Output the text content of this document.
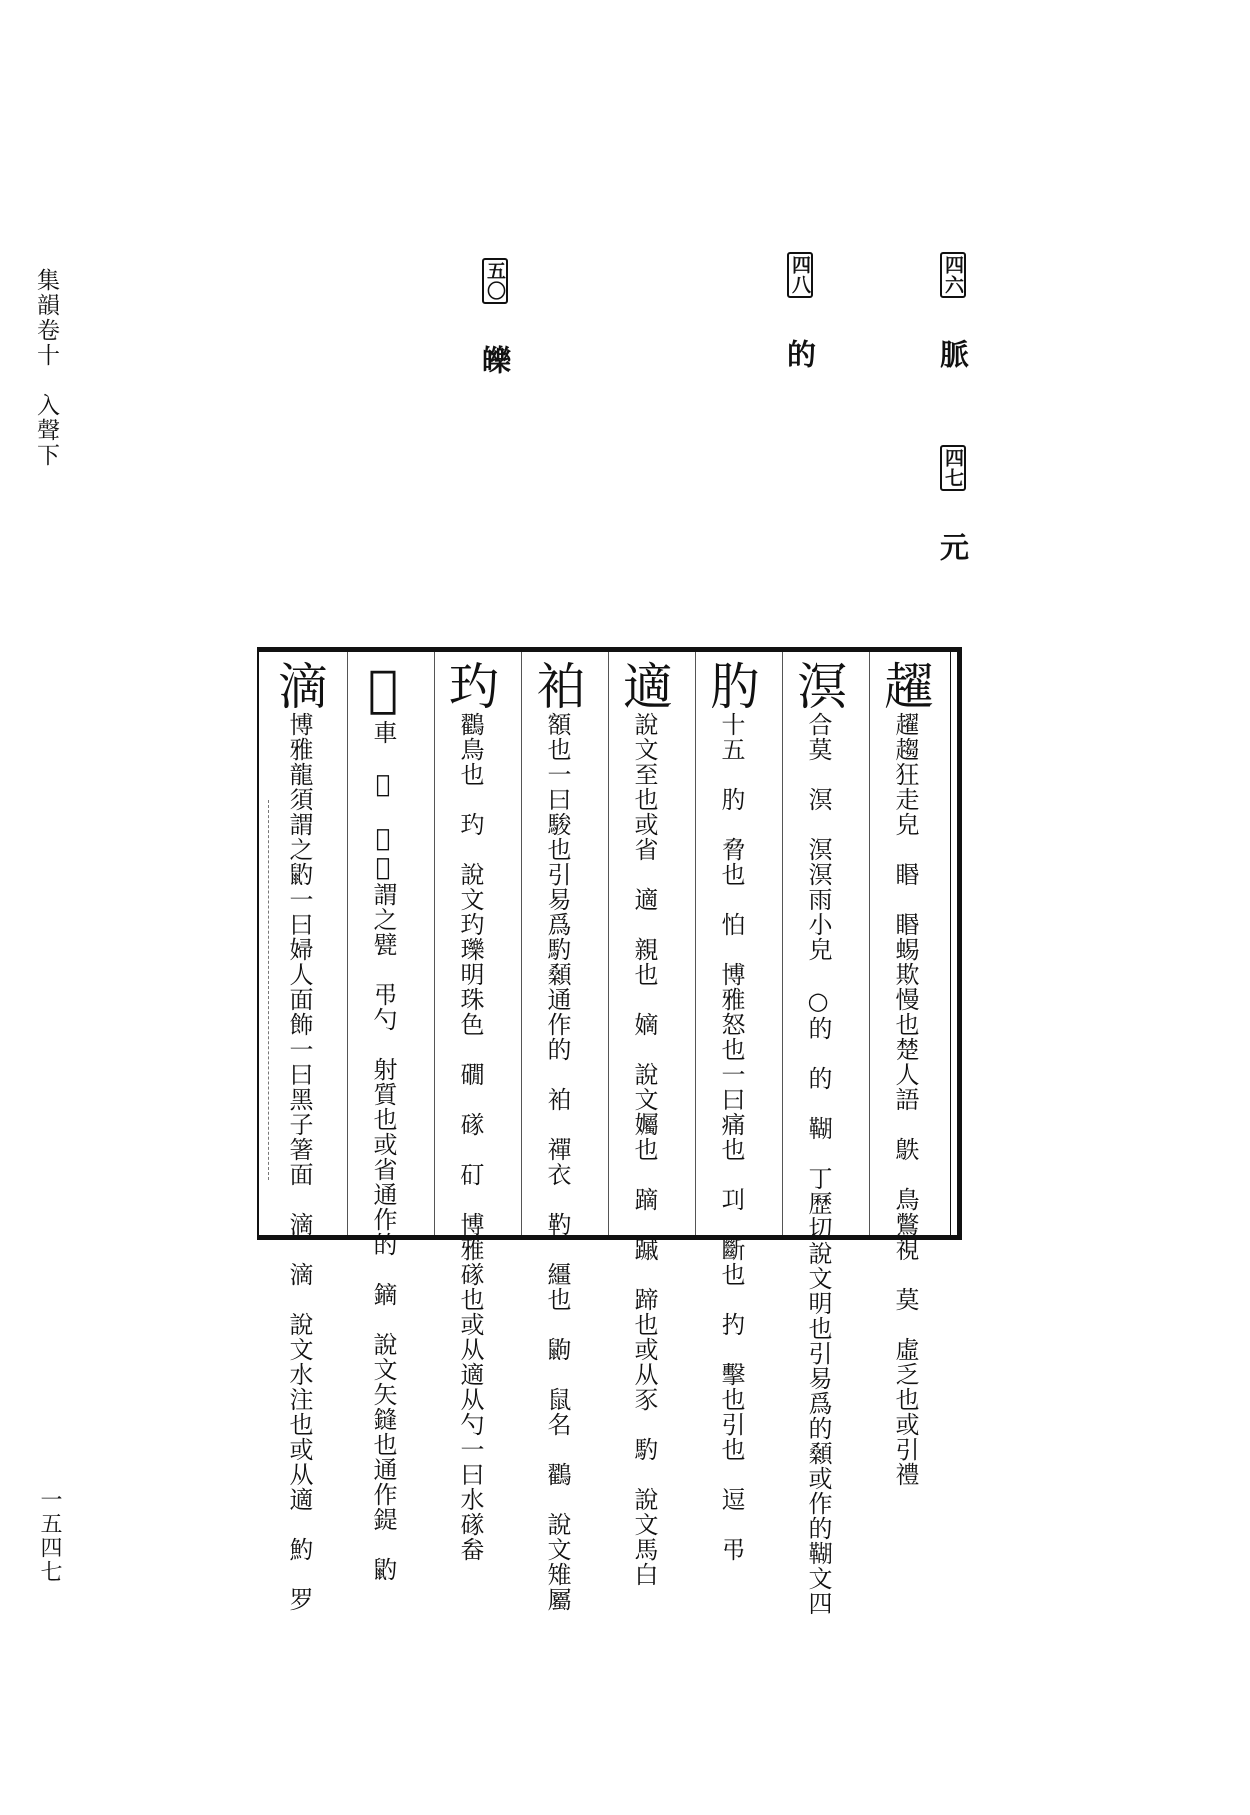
集韻卷十　入聲下
一五四七
四六 脈
四七 元
四八 的
五〇 皪
趯趯趨狂走皃　䁕　䁕蜴欺慢也楚人語　䳀　鳥鷩視　莫　虛乏也或引禮
溟合莫　溟　溟溟雨小皃　○的　的　䩴　丁歷切說文明也引易爲的顙或作的䩴文四
肑十五　肑　脅也　怕　博雅怒也一曰痛也　㓚　斷也　扚　擊也引也　逗　弔
適說文至也或省　適　親也　嫡　說文孎也　蹢　䠞　蹄也或从豕　馰　說文馬白
袙額也一曰駿也引易爲馰顙通作的　袙　禪衣　靮　繮也　鼩　鼠名　鸐　說文雉屬
玓鸐鳥也　玓　說文玓瓅明珠色　礀　䃍　矴　博雅䃍也或从適从勺一曰水䃍畚
𩏄車　𩏄　𩏄𩏄謂之甓　弔勺　射質也或省通作的　鏑　說文矢鏠也通作鍉　䶂
滴博雅龍須謂之䶂一曰婦人面飾一曰黑子箸面　滴　滴　說文水注也或从適　魡　罗
